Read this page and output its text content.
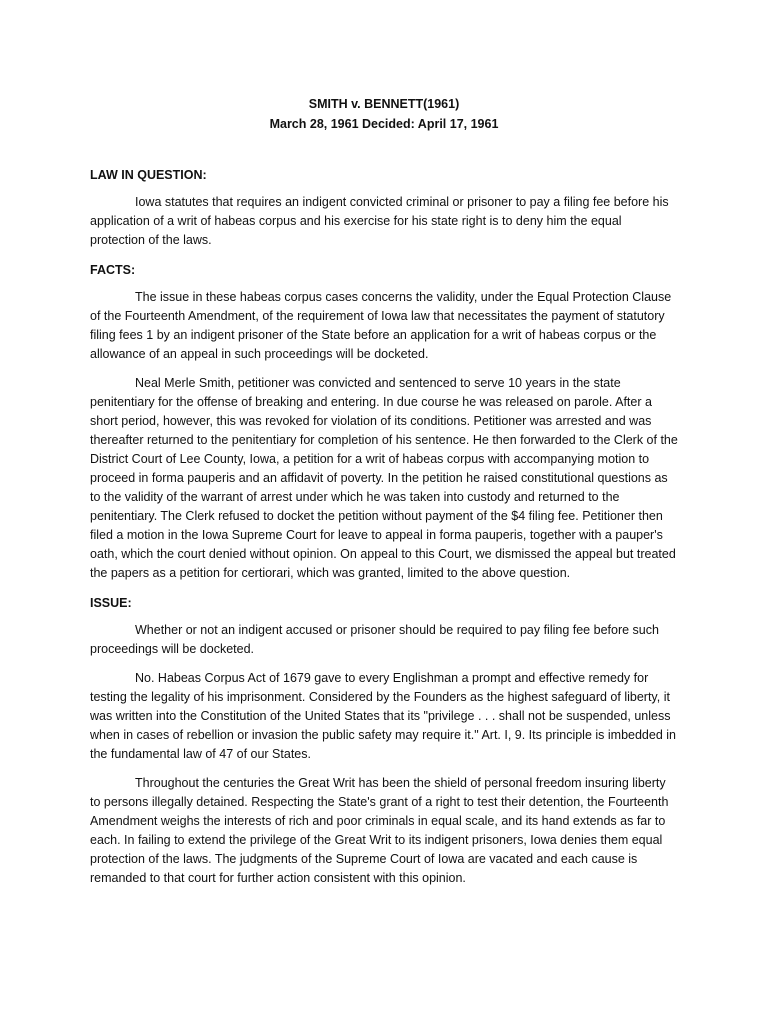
SMITH v. BENNETT(1961)
March 28, 1961 Decided: April 17, 1961
LAW IN QUESTION:

Iowa statutes that requires an indigent convicted criminal or prisoner to pay a filing fee before his application of a writ of habeas corpus and his exercise for his state right is to deny him the equal protection of the laws.

FACTS:

The issue in these habeas corpus cases concerns the validity, under the Equal Protection Clause of the Fourteenth Amendment, of the requirement of Iowa law that necessitates the payment of statutory filing fees 1 by an indigent prisoner of the State before an application for a writ of habeas corpus or the allowance of an appeal in such proceedings will be docketed.

Neal Merle Smith, petitioner was convicted and sentenced to serve 10 years in the state penitentiary for the offense of breaking and entering. In due course he was released on parole. After a short period, however, this was revoked for violation of its conditions. Petitioner was arrested and was thereafter returned to the penitentiary for completion of his sentence. He then forwarded to the Clerk of the District Court of Lee County, Iowa, a petition for a writ of habeas corpus with accompanying motion to proceed in forma pauperis and an affidavit of poverty. In the petition he raised constitutional questions as to the validity of the warrant of arrest under which he was taken into custody and returned to the penitentiary. The Clerk refused to docket the petition without payment of the $4 filing fee. Petitioner then filed a motion in the Iowa Supreme Court for leave to appeal in forma pauperis, together with a pauper's oath, which the court denied without opinion. On appeal to this Court, we dismissed the appeal but treated the papers as a petition for certiorari, which was granted, limited to the above question.

ISSUE:

Whether or not an indigent accused or prisoner should be required to pay filing fee before such proceedings will be docketed.

No. Habeas Corpus Act of 1679 gave to every Englishman a prompt and effective remedy for testing the legality of his imprisonment. Considered by the Founders as the highest safeguard of liberty, it was written into the Constitution of the United States that its "privilege . . . shall not be suspended, unless when in cases of rebellion or invasion the public safety may require it." Art. I, 9. Its principle is imbedded in the fundamental law of 47 of our States.

Throughout the centuries the Great Writ has been the shield of personal freedom insuring liberty to persons illegally detained. Respecting the State's grant of a right to test their detention, the Fourteenth Amendment weighs the interests of rich and poor criminals in equal scale, and its hand extends as far to each. In failing to extend the privilege of the Great Writ to its indigent prisoners, Iowa denies them equal protection of the laws. The judgments of the Supreme Court of Iowa are vacated and each cause is remanded to that court for further action consistent with this opinion.
